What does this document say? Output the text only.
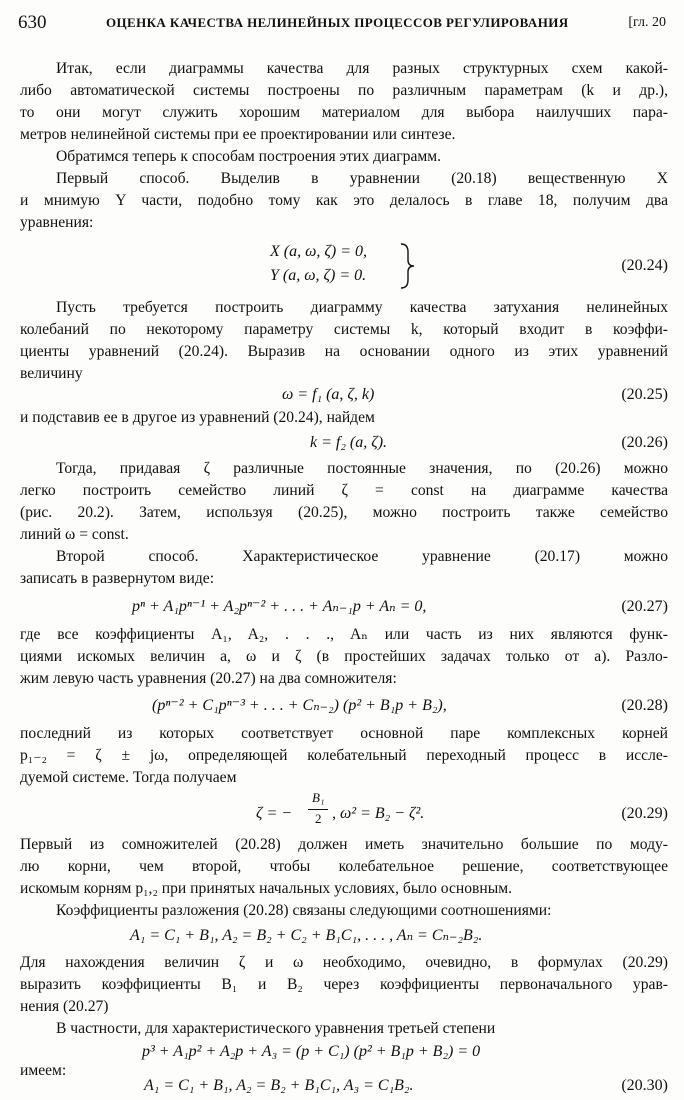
630	ОЦЕНКА КАЧЕСТВА НЕЛИНЕЙНЫХ ПРОЦЕССОВ РЕГУЛИРОВАНИЯ	[гл. 20
Итак, если диаграммы качества для разных структурных схем какой-
либо автоматической системы построены по различным параметрам (k и др.),
то они могут служить хорошим материалом для выбора наилучших пара-
метров нелинейной системы при ее проектировании или синтезе.
Обратимся теперь к способам построения этих диаграмм.
Первый способ. Выделив в уравнении (20.18) вещественную X
и мнимую Y части, подобно тому как это делалось в главе 18, получим два
уравнения:
X (a, ω, ζ) = 0,
Y (a, ω, ζ) = 0.
(20.24)
Пусть требуется построить диаграмму качества затухания нелинейных
колебаний по некоторому параметру системы k, который входит в коэффи-
циенты уравнений (20.24). Выразив на основании одного из этих уравнений
величину
ω = f₁ (a, ζ, k)	(20.25)
и подставив ее в другое из уравнений (20.24), найдем
k = f₂ (a, ζ).	(20.26)
Тогда, придавая ζ различные постоянные значения, по (20.26) можно
легко построить семейство линий ζ = const на диаграмме качества
(рис. 20.2). Затем, используя (20.25), можно построить также семейство
линий ω = const.
Второй способ. Характеристическое уравнение (20.17) можно
записать в развернутом виде:
pⁿ + A₁pⁿ⁻¹ + A₂pⁿ⁻² + . . . + Aₙ₋₁p + Aₙ = 0,	(20.27)
где все коэффициенты A₁, A₂, . . ., Aₙ или часть из них являются функ-
циями искомых величин a, ω и ζ (в простейших задачах только от a). Разло-
жим левую часть уравнения (20.27) на два сомножителя:
(pⁿ⁻² + C₁pⁿ⁻³ + . . . + Cₙ₋₂) (p² + B₁p + B₂),	(20.28)
последний из которых соответствует основной паре комплексных корней
p₁₋₂ = ζ ± jω, определяющей колебательный переходный процесс в иссле-
дуемой системе. Тогда получаем
ζ = −
B₁
2 , ω² = B₂ − ζ².	(20.29)
Первый из сомножителей (20.28) должен иметь значительно большие по моду-
лю корни, чем второй, чтобы колебательное решение, соответствующее
искомым корням p₁,₂ при принятых начальных условиях, было основным.
Коэффициенты разложения (20.28) связаны следующими соотношениями:
A₁ = C₁ + B₁, A₂ = B₂ + C₂ + B₁C₁, . . . , Aₙ = Cₙ₋₂B₂.
Для нахождения величин ζ и ω необходимо, очевидно, в формулах (20.29)
выразить коэффициенты B₁ и B₂ через коэффициенты первоначального урав-
нения (20.27)
В частности, для характеристического уравнения третьей степени
p³ + A₁p² + A₂p + A₃ = (p + C₁) (p² + B₁p + B₂) = 0
имеем:
A₁ = C₁ + B₁, A₂ = B₂ + B₁C₁, A₃ = C₁B₂.	(20.30)
